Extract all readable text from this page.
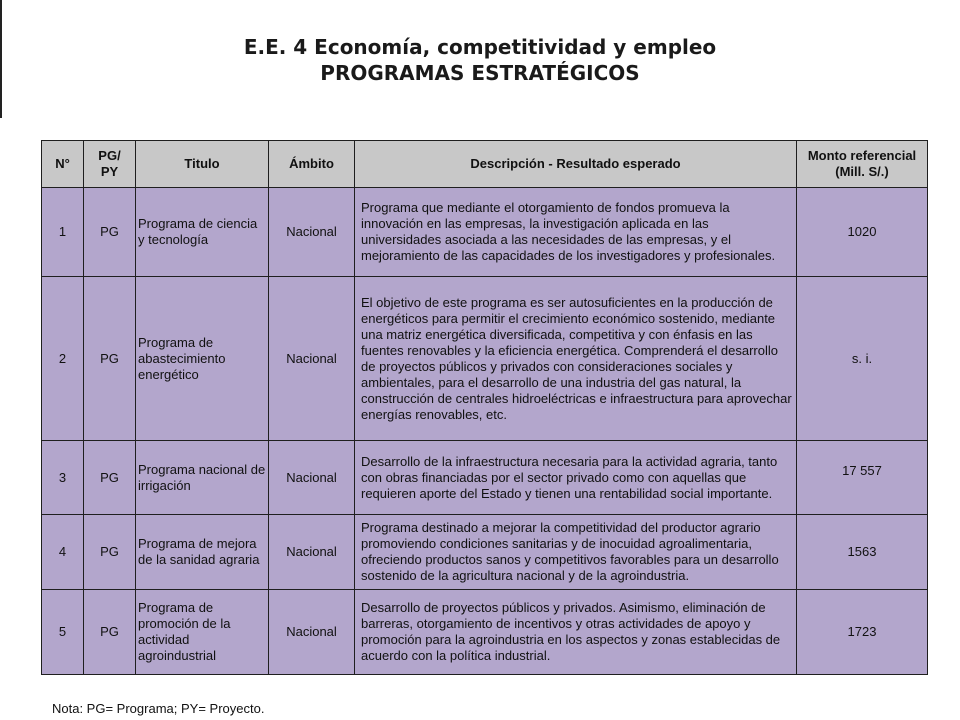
E.E. 4 Economía, competitividad y empleo
PROGRAMAS ESTRATÉGICOS
N°	PG/ PY	Titulo	Ámbito	Descripción - Resultado esperado	Monto referencial (Mill. S/.)
1	PG	Programa de ciencia y tecnología	Nacional	Programa que mediante el otorgamiento de fondos promueva la innovación en las empresas, la investigación aplicada en las universidades asociada a las necesidades de las empresas, y el mejoramiento de las capacidades de los investigadores y profesionales.	1020
2	PG	Programa de abastecimiento energético	Nacional	El objetivo de este programa es ser autosuficientes en la producción de energéticos para permitir el crecimiento económico sostenido, mediante una matriz energética diversificada, competitiva y con énfasis en las fuentes renovables y la eficiencia energética. Comprenderá el desarrollo de proyectos públicos y privados con consideraciones sociales y ambientales, para el desarrollo de una industria del gas natural, la construcción de centrales hidroeléctricas e infraestructura para aprovechar energías renovables, etc.	s. i.
3	PG	Programa nacional de irrigación	Nacional	Desarrollo de la infraestructura necesaria para la actividad agraria, tanto con obras financiadas por el sector privado como con aquellas que requieren aporte del Estado y tienen una rentabilidad social importante.	17 557
4	PG	Programa de mejora de la sanidad agraria	Nacional	Programa destinado a mejorar la competitividad del productor agrario promoviendo condiciones sanitarias y de inocuidad agroalimentaria, ofreciendo productos sanos y competitivos favorables para un desarrollo sostenido de la agricultura nacional y de la agroindustria.	1563
5	PG	Programa de promoción de la actividad agroindustrial	Nacional	Desarrollo de proyectos públicos y privados. Asimismo, eliminación de barreras, otorgamiento de incentivos y otras actividades de apoyo y promoción para la agroindustria en los aspectos y zonas establecidas de acuerdo con la política industrial.	1723
Nota: PG= Programa; PY= Proyecto.
